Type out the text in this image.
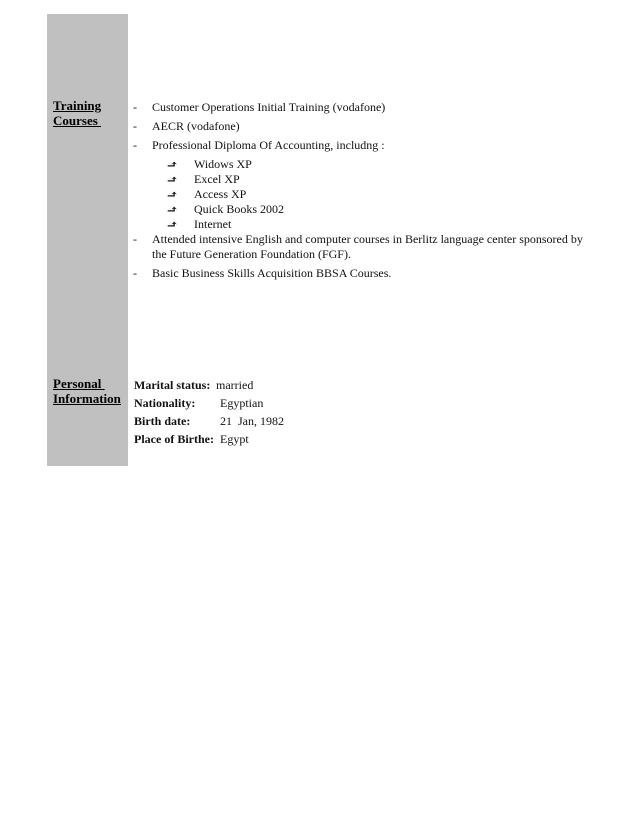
Training
Courses
- Customer Operations Initial Training (vodafone)
- AECR (vodafone)
- Professional Diploma Of Accounting, includng :
⬏ Widows XP
⬏ Excel XP
⬏ Access XP
⬏ Quick Books 2002
⬏ Internet
- Attended intensive English and computer courses in Berlitz language center sponsored by the Future Generation Foundation (FGF).
- Basic Business Skills Acquisition BBSA Courses.
Personal
Information
Marital status: married
Nationality: Egyptian
Birth date: 21  Jan, 1982
Place of Birthe: Egypt
